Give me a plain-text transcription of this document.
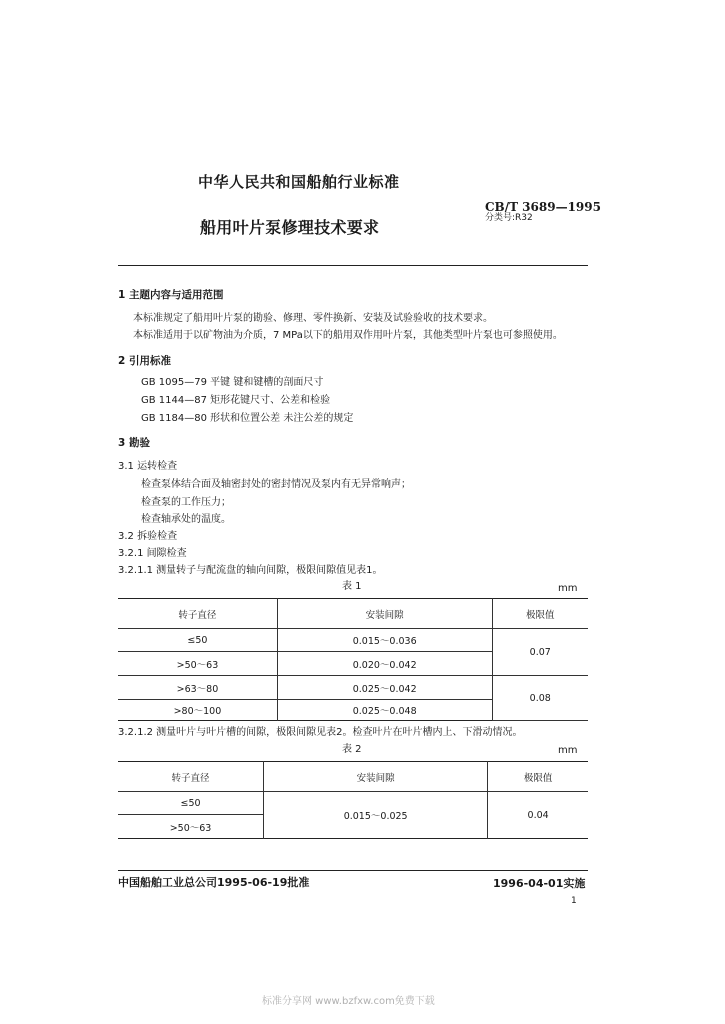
中华人民共和国船舶行业标准
CB/T 3689—1995
分类号:R32
船用叶片泵修理技术要求
1 主题内容与适用范围
本标准规定了船用叶片泵的勘验、修理、零件换新、安装及试验验收的技术要求。
本标准适用于以矿物油为介质，7 MPa以下的船用双作用叶片泵，其他类型叶片泵也可参照使用。
2 引用标准
GB 1095—79 平键 键和键槽的剖面尺寸
GB 1144—87 矩形花键尺寸、公差和检验
GB 1184—80 形状和位置公差 未注公差的规定
3 勘验
3.1 运转检查
检查泵体结合面及轴密封处的密封情况及泵内有无异常响声；
检查泵的工作压力；
检查轴承处的温度。
3.2 拆验检查
3.2.1 间隙检查
3.2.1.1 测量转子与配流盘的轴向间隙，极限间隙值见表1。
表 1	mm
转子直径	安装间隙	极限值
≤50	0.015～0.036	0.07
>50～63	0.020～0.042	
>63～80	0.025～0.042	0.08
>80～100	0.025～0.048	
3.2.1.2 测量叶片与叶片槽的间隙，极限间隙见表2。检查叶片在叶片槽内上、下滑动情况。
表 2	mm
转子直径	安装间隙	极限值
≤50	0.015～0.025	0.04
>50～63		
中国船舶工业总公司1995-06-19批准	1996-04-01实施
1
标准分享网 www.bzfxw.com免费下载
